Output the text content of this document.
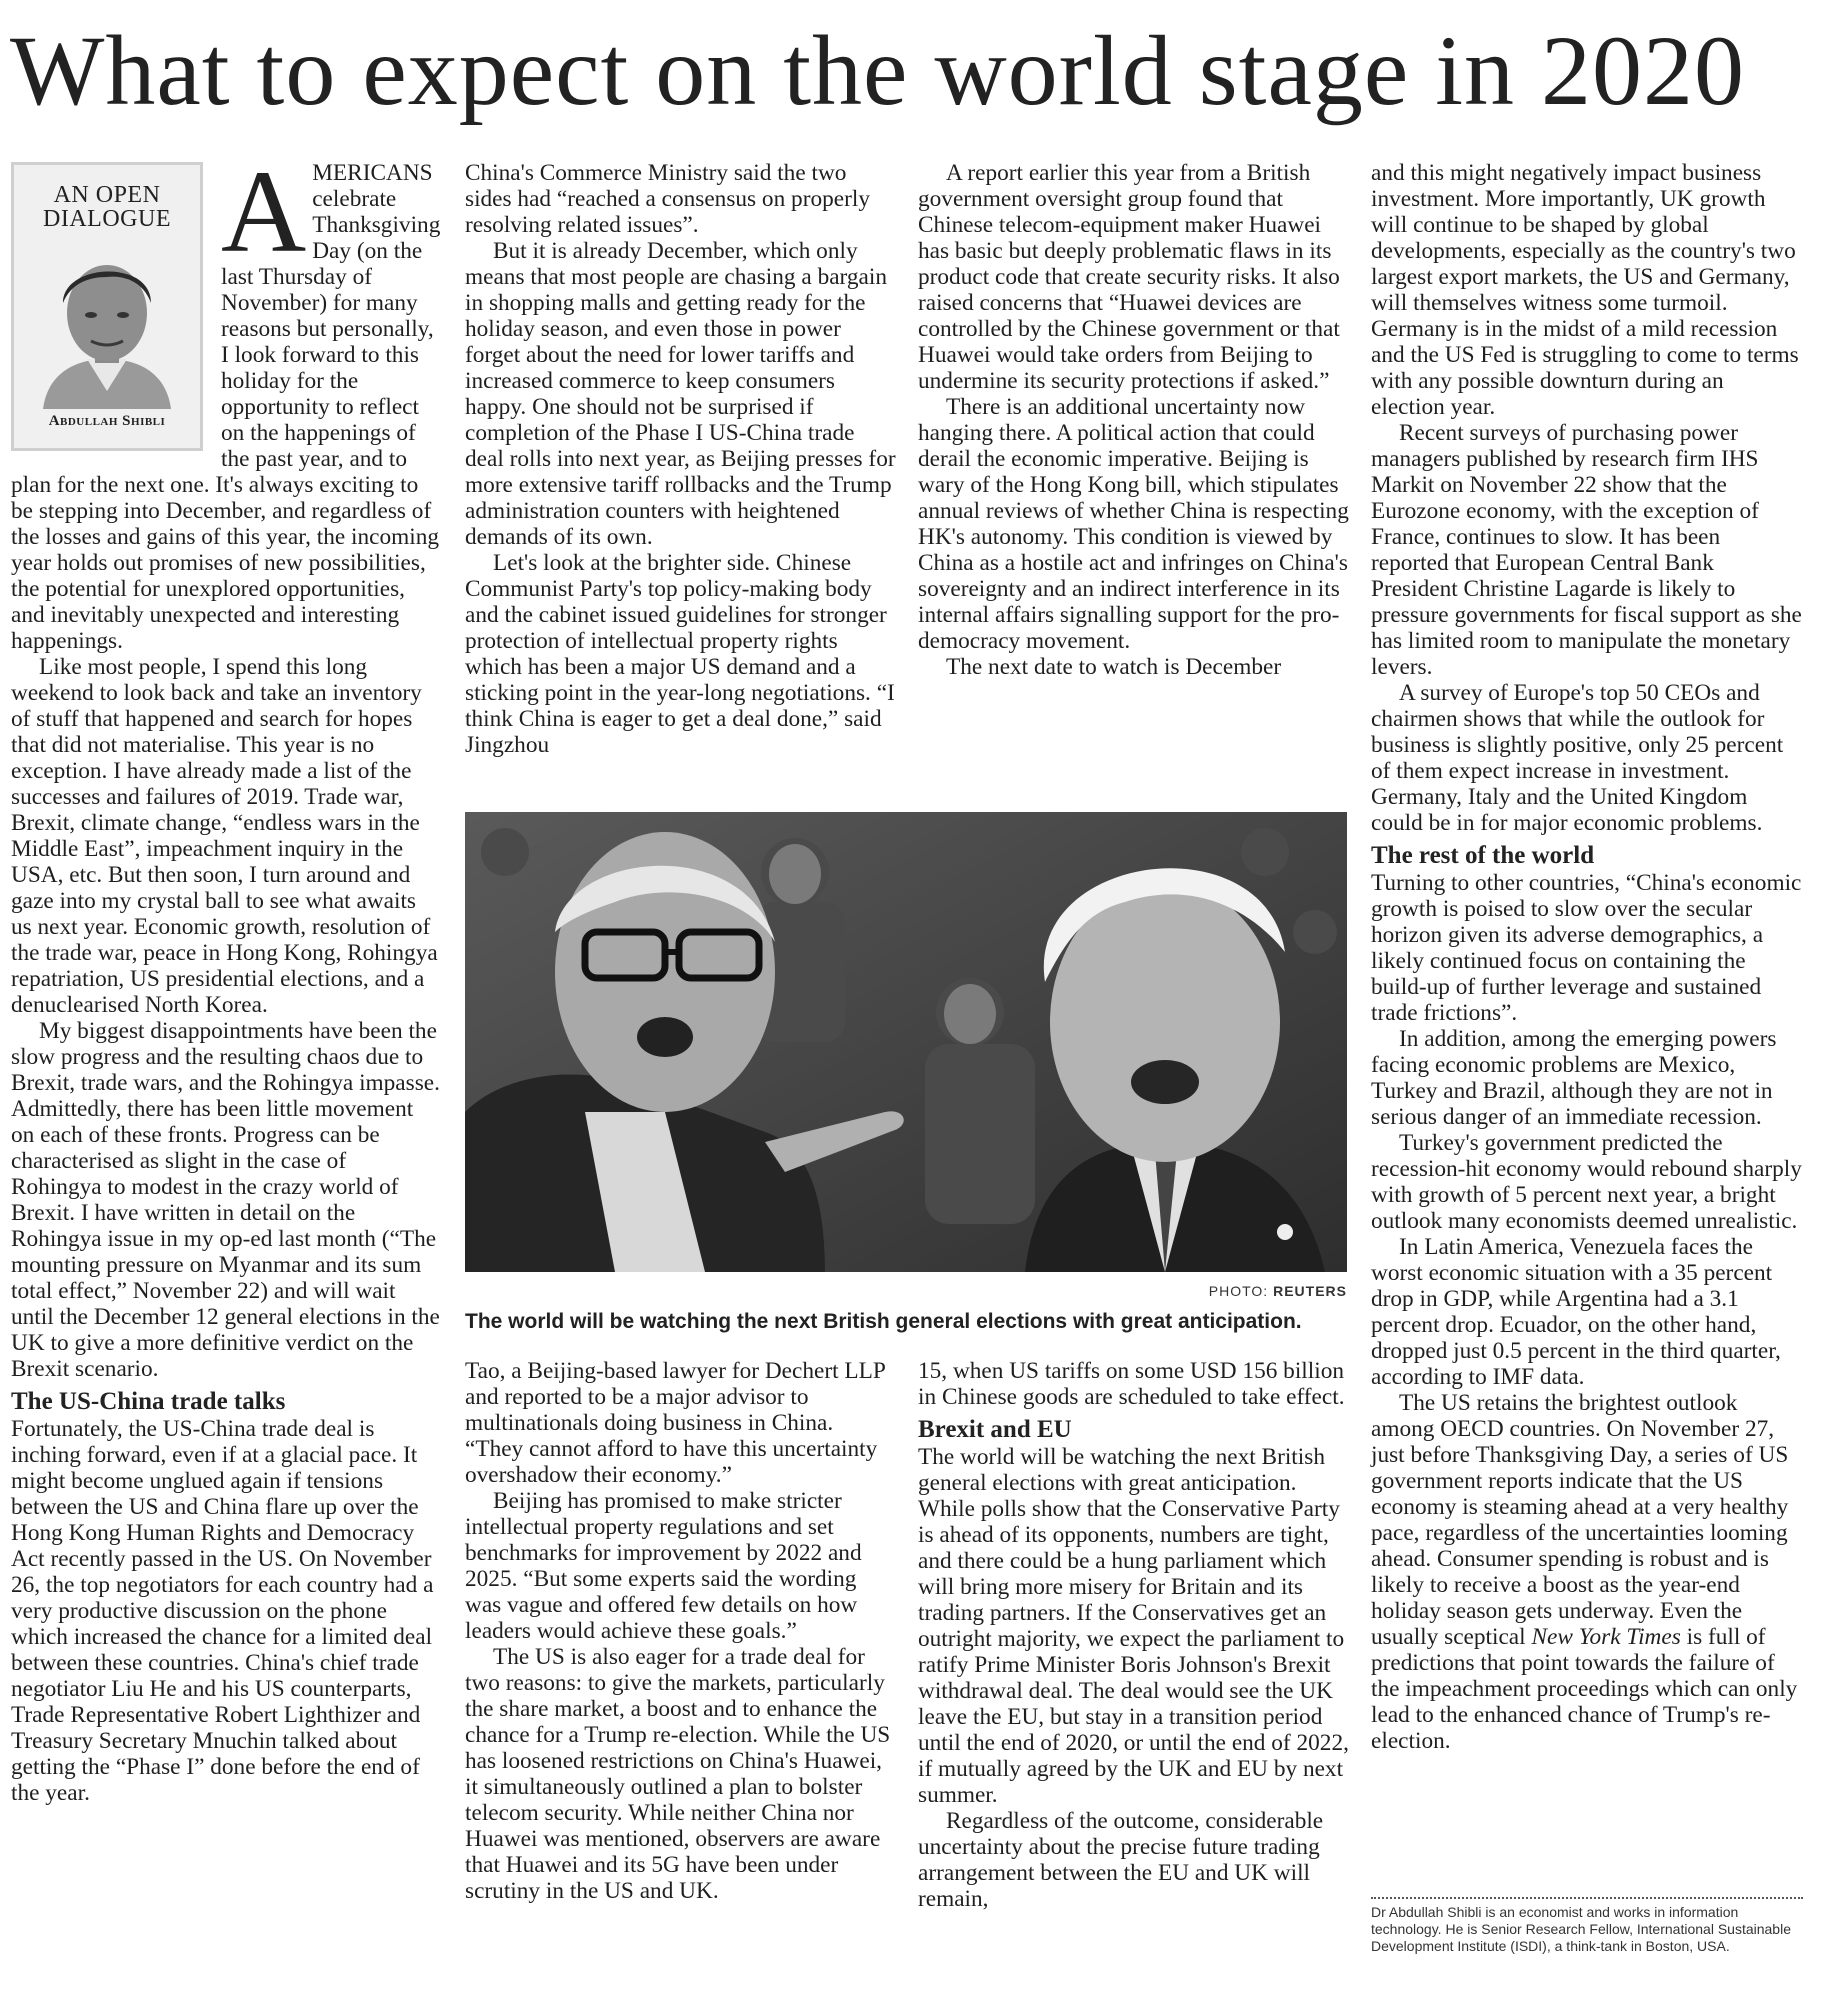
What to expect on the world stage in 2020
AN OPEN DIALOGUE
Abdullah Shibli

AMERICANS celebrate Thanksgiving Day (on the last Thursday of November) for many reasons but personally, I look forward to this holiday for the opportunity to reflect on the happenings of the past year, and to plan for the next one. It's always exciting to be stepping into December, and regardless of the losses and gains of this year, the incoming year holds out promises of new possibilities, the potential for unexplored opportunities, and inevitably unexpected and interesting happenings.

Like most people, I spend this long weekend to look back and take an inventory of stuff that happened and search for hopes that did not materialise. This year is no exception. I have already made a list of the successes and failures of 2019. Trade war, Brexit, climate change, “endless wars in the Middle East”, impeachment inquiry in the USA, etc. But then soon, I turn around and gaze into my crystal ball to see what awaits us next year. Economic growth, resolution of the trade war, peace in Hong Kong, Rohingya repatriation, US presidential elections, and a denuclearised North Korea.

My biggest disappointments have been the slow progress and the resulting chaos due to Brexit, trade wars, and the Rohingya impasse. Admittedly, there has been little movement on each of these fronts. Progress can be characterised as slight in the case of Rohingya to modest in the crazy world of Brexit. I have written in detail on the Rohingya issue in my op-ed last month (“The mounting pressure on Myanmar and its sum total effect,” November 22) and will wait until the December 12 general elections in the UK to give a more definitive verdict on the Brexit scenario.

The US-China trade talks

Fortunately, the US-China trade deal is inching forward, even if at a glacial pace. It might become unglued again if tensions between the US and China flare up over the Hong Kong Human Rights and Democracy Act recently passed in the US. On November 26, the top negotiators for each country had a very productive discussion on the phone which increased the chance for a limited deal between these countries. China's chief trade negotiator Liu He and his US counterparts, Trade Representative Robert Lighthizer and Treasury Secretary Mnuchin talked about getting the “Phase I” done before the end of the year.

China's Commerce Ministry said the two sides had “reached a consensus on properly resolving related issues”.

But it is already December, which only means that most people are chasing a bargain in shopping malls and getting ready for the holiday season, and even those in power forget about the need for lower tariffs and increased commerce to keep consumers happy. One should not be surprised if completion of the Phase I US-China trade deal rolls into next year, as Beijing presses for more extensive tariff rollbacks and the Trump administration counters with heightened demands of its own.

Let's look at the brighter side. Chinese Communist Party's top policy-making body and the cabinet issued guidelines for stronger protection of intellectual property rights which has been a major US demand and a sticking point in the year-long negotiations. “I think China is eager to get a deal done,” said Jingzhou

A report earlier this year from a British government oversight group found that Chinese telecom-equipment maker Huawei has basic but deeply problematic flaws in its product code that create security risks. It also raised concerns that “Huawei devices are controlled by the Chinese government or that Huawei would take orders from Beijing to undermine its security protections if asked.”

There is an additional uncertainty now hanging there. A political action that could derail the economic imperative. Beijing is wary of the Hong Kong bill, which stipulates annual reviews of whether China is respecting HK's autonomy. This condition is viewed by China as a hostile act and infringes on China's sovereignty and an indirect interference in its internal affairs signalling support for the pro-democracy movement.

The next date to watch is December

PHOTO: REUTERS
The world will be watching the next British general elections with great anticipation.

Tao, a Beijing-based lawyer for Dechert LLP and reported to be a major advisor to multinationals doing business in China. “They cannot afford to have this uncertainty overshadow their economy.”

Beijing has promised to make stricter intellectual property regulations and set benchmarks for improvement by 2022 and 2025. “But some experts said the wording was vague and offered few details on how leaders would achieve these goals.”

The US is also eager for a trade deal for two reasons: to give the markets, particularly the share market, a boost and to enhance the chance for a Trump re-election. While the US has loosened restrictions on China's Huawei, it simultaneously outlined a plan to bolster telecom security. While neither China nor Huawei was mentioned, observers are aware that Huawei and its 5G have been under scrutiny in the US and UK.

15, when US tariffs on some USD 156 billion in Chinese goods are scheduled to take effect.

Brexit and EU

The world will be watching the next British general elections with great anticipation. While polls show that the Conservative Party is ahead of its opponents, numbers are tight, and there could be a hung parliament which will bring more misery for Britain and its trading partners. If the Conservatives get an outright majority, we expect the parliament to ratify Prime Minister Boris Johnson's Brexit withdrawal deal. The deal would see the UK leave the EU, but stay in a transition period until the end of 2020, or until the end of 2022, if mutually agreed by the UK and EU by next summer.

Regardless of the outcome, considerable uncertainty about the precise future trading arrangement between the EU and UK will remain,

and this might negatively impact business investment. More importantly, UK growth will continue to be shaped by global developments, especially as the country's two largest export markets, the US and Germany, will themselves witness some turmoil. Germany is in the midst of a mild recession and the US Fed is struggling to come to terms with any possible downturn during an election year.

Recent surveys of purchasing power managers published by research firm IHS Markit on November 22 show that the Eurozone economy, with the exception of France, continues to slow. It has been reported that European Central Bank President Christine Lagarde is likely to pressure governments for fiscal support as she has limited room to manipulate the monetary levers.

A survey of Europe's top 50 CEOs and chairmen shows that while the outlook for business is slightly positive, only 25 percent of them expect increase in investment. Germany, Italy and the United Kingdom could be in for major economic problems.

The rest of the world

Turning to other countries, “China's economic growth is poised to slow over the secular horizon given its adverse demographics, a likely continued focus on containing the build-up of further leverage and sustained trade frictions”.

In addition, among the emerging powers facing economic problems are Mexico, Turkey and Brazil, although they are not in serious danger of an immediate recession.

Turkey's government predicted the recession-hit economy would rebound sharply with growth of 5 percent next year, a bright outlook many economists deemed unrealistic.

In Latin America, Venezuela faces the worst economic situation with a 35 percent drop in GDP, while Argentina had a 3.1 percent drop. Ecuador, on the other hand, dropped just 0.5 percent in the third quarter, according to IMF data.

The US retains the brightest outlook among OECD countries. On November 27, just before Thanksgiving Day, a series of US government reports indicate that the US economy is steaming ahead at a very healthy pace, regardless of the uncertainties looming ahead. Consumer spending is robust and is likely to receive a boost as the year-end holiday season gets underway. Even the usually sceptical New York Times is full of predictions that point towards the failure of the impeachment proceedings which can only lead to the enhanced chance of Trump's re-election.

Dr Abdullah Shibli is an economist and works in information technology. He is Senior Research Fellow, International Sustainable Development Institute (ISDI), a think-tank in Boston, USA.
